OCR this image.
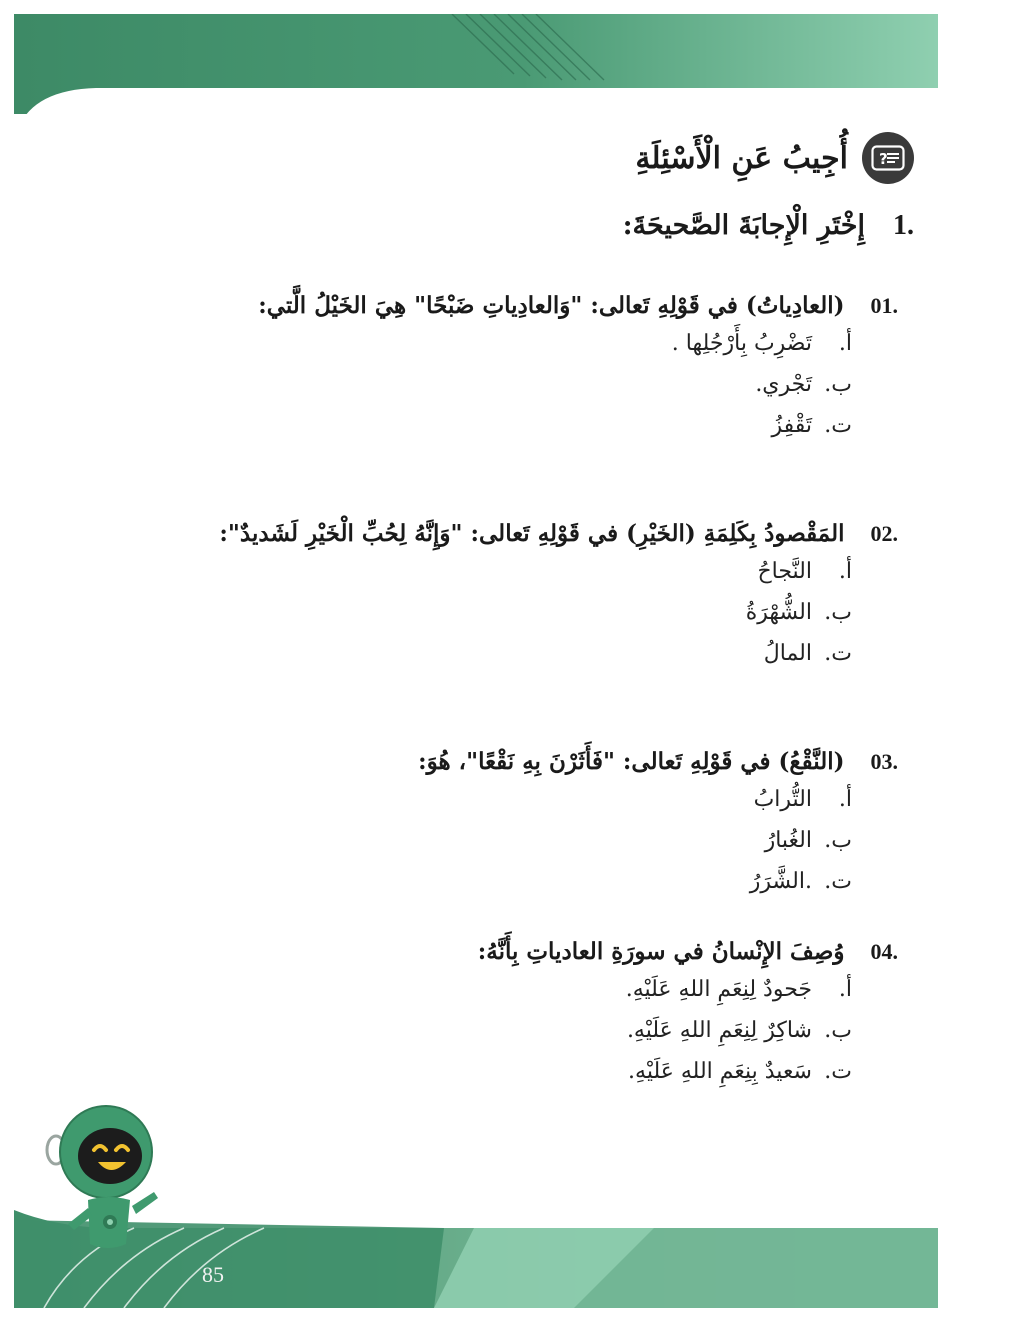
?
أُجِيبُ عَنِ الْأَسْئِلَةِ
1.
إِخْتَرِ الْإِجابَةَ الصَّحيحَةَ:
01.
(العادِياتُ) في قَوْلِهِ تَعالى: "وَالعادِياتِ ضَبْحًا" هِيَ الخَيْلُ الَّتي:
أ.
تَضْرِبُ بِأَرْجُلِها .
ب.
تَجْري.
ت.
تَقْفِزُ
02.
المَقْصودُ بِكَلِمَةِ (الخَيْرِ) في قَوْلِهِ تَعالى: "وَإِنَّهُ لِحُبِّ الْخَيْرِ لَشَديدٌ":
أ.
النَّجاحُ
ب.
الشُّهْرَةُ
ت.
المالُ
03.
(النَّقْعُ) في قَوْلِهِ تَعالى: "فَأَثَرْنَ بِهِ نَقْعًا"، هُوَ:
أ.
التُّرابُ
ب.
الغُبارُ
ت.
.الشَّرَرُ
04.
وُصِفَ الإِنْسانُ في سورَةِ العادياتِ بِأَنَّهُ:
أ.
جَحودٌ لِنِعَمِ اللهِ عَلَيْهِ.
ب.
شاكِرٌ لِنِعَمِ اللهِ عَلَيْهِ.
ت.
سَعيدٌ بِنِعَمِ اللهِ عَلَيْهِ.
85
